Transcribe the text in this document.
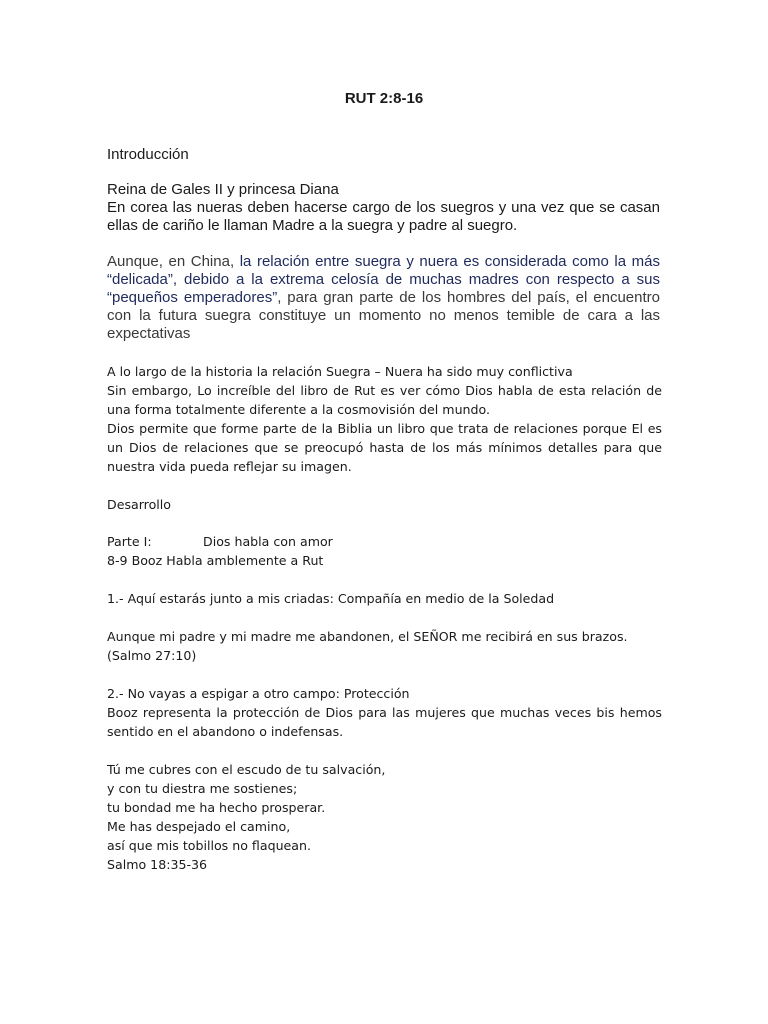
RUT 2:8-16
Introducción
Reina de Gales II y princesa Diana
En corea las nueras deben hacerse cargo de los suegros y una vez que se casan ellas de cariño le llaman Madre a la suegra y padre al suegro.
Aunque, en China, la relación entre suegra y nuera es considerada como la más “delicada”, debido a la extrema celosía de muchas madres con respecto a sus “pequeños emperadores”, para gran parte de los hombres del país, el encuentro con la futura suegra constituye un momento no menos temible de cara a las expectativas

A lo largo de la historia la relación Suegra – Nuera ha sido muy conflictiva

Sin embargo, Lo increíble del libro de Rut es ver cómo Dios habla de esta relación de una forma totalmente diferente a la cosmovisión del mundo.

Dios permite que forme parte de la Biblia un libro que trata de relaciones porque El es un Dios de relaciones que se preocupó hasta de los más mínimos detalles para que nuestra vida pueda reflejar su imagen.

Desarrollo

Parte I:	Dios habla con amor

8-9 Booz Habla amblemente a Rut

1.- Aquí estarás junto a mis criadas: Compañía en medio de la Soledad

Aunque mi padre y mi madre me abandonen, el SEÑOR me recibirá en sus brazos.

(Salmo 27:10)

2.- No vayas a espigar a otro campo: Protección

Booz representa la protección de Dios para las mujeres que muchas veces bis hemos sentido en el abandono o indefensas.

Tú me cubres con el escudo de tu salvación,

y con tu diestra me sostienes;

tu bondad me ha hecho prosperar.

Me has despejado el camino,

así que mis tobillos no flaquean.

Salmo 18:35-36
